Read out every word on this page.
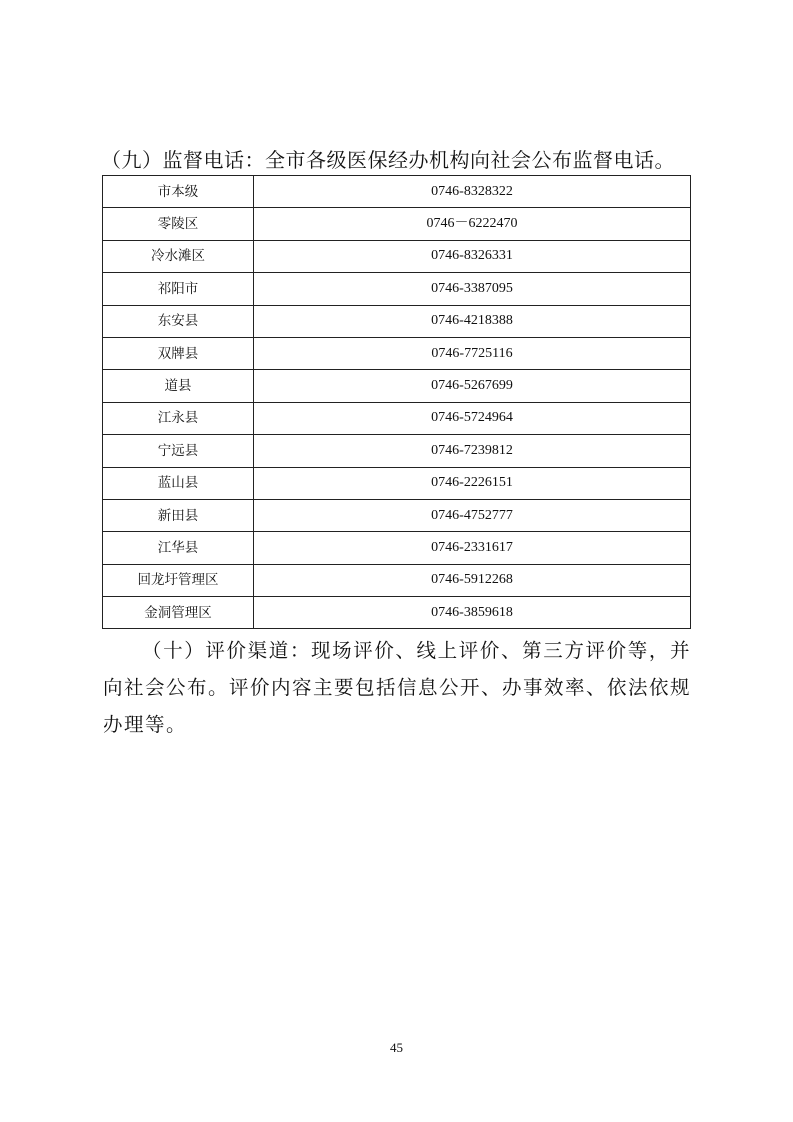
（九）监督电话：全市各级医保经办机构向社会公布监督电话。
市本级	0746-8328322
零陵区	0746－6222470
冷水滩区	0746-8326331
祁阳市	0746-3387095
东安县	0746-4218388
双牌县	0746-7725116
道县	0746-5267699
江永县	0746-5724964
宁远县	0746-7239812
蓝山县	0746-2226151
新田县	0746-4752777
江华县	0746-2331617
回龙圩管理区	0746-5912268
金洞管理区	0746-3859618

（十）评价渠道：现场评价、线上评价、第三方评价等，并向社会公布。评价内容主要包括信息公开、办事效率、依法依规办理等。

45
